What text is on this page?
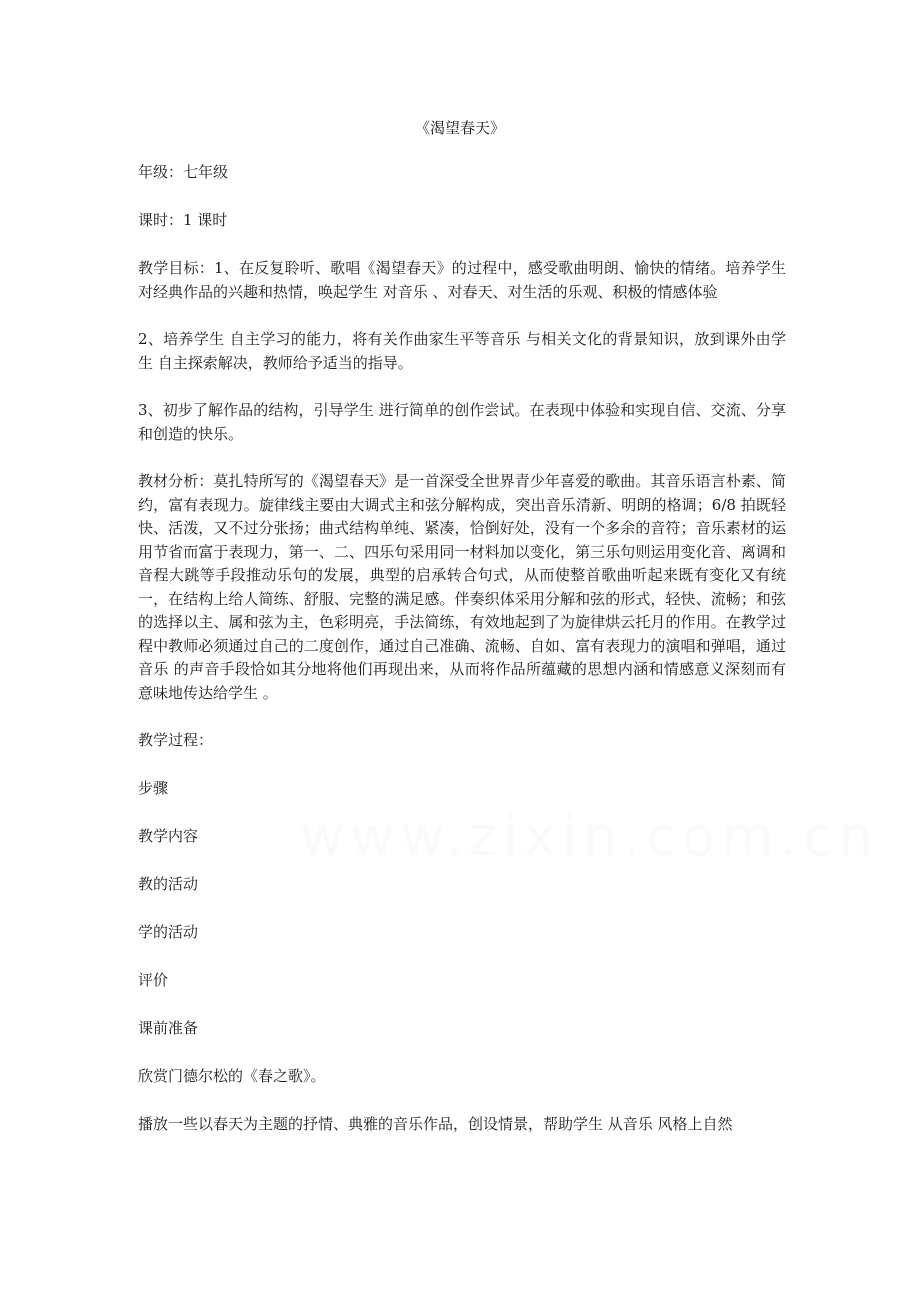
www.zixin.com.cn
《渴望春天》

年级：七年级

课时：1 课时

教学目标：1、在反复聆听、歌唱《渴望春天》的过程中，感受歌曲明朗、愉快的情绪。培养学生对经典作品的兴趣和热情，唤起学生 对音乐 、对春天、对生活的乐观、积极的情感体验

2、培养学生 自主学习的能力，将有关作曲家生平等音乐 与相关文化的背景知识，放到课外由学生 自主探索解决，教师给予适当的指导。

3、初步了解作品的结构，引导学生 进行简单的创作尝试。在表现中体验和实现自信、交流、分享和创造的快乐。

教材分析：莫扎特所写的《渴望春天》是一首深受全世界青少年喜爱的歌曲。其音乐语言朴素、简约，富有表现力。旋律线主要由大调式主和弦分解构成，突出音乐清新、明朗的格调；6/8 拍既轻快、活泼，又不过分张扬；曲式结构单纯、紧凑，恰倒好处，没有一个多余的音符；音乐素材的运用节省而富于表现力，第一、二、四乐句采用同一材料加以变化，第三乐句则运用变化音、离调和音程大跳等手段推动乐句的发展，典型的启承转合句式，从而使整首歌曲听起来既有变化又有统一，在结构上给人简练、舒服、完整的满足感。伴奏织体采用分解和弦的形式，轻快、流畅；和弦的选择以主、属和弦为主，色彩明亮，手法简练，有效地起到了为旋律烘云托月的作用。在教学过程中教师必须通过自己的二度创作，通过自己准确、流畅、自如、富有表现力的演唱和弹唱，通过音乐 的声音手段恰如其分地将他们再现出来，从而将作品所蕴藏的思想内涵和情感意义深刻而有意味地传达给学生 。

教学过程：

步骤

教学内容

教的活动

学的活动

评价

课前准备

欣赏门德尔松的《春之歌》。

播放一些以春天为主题的抒情、典雅的音乐作品，创设情景，帮助学生 从音乐 风格上自然
